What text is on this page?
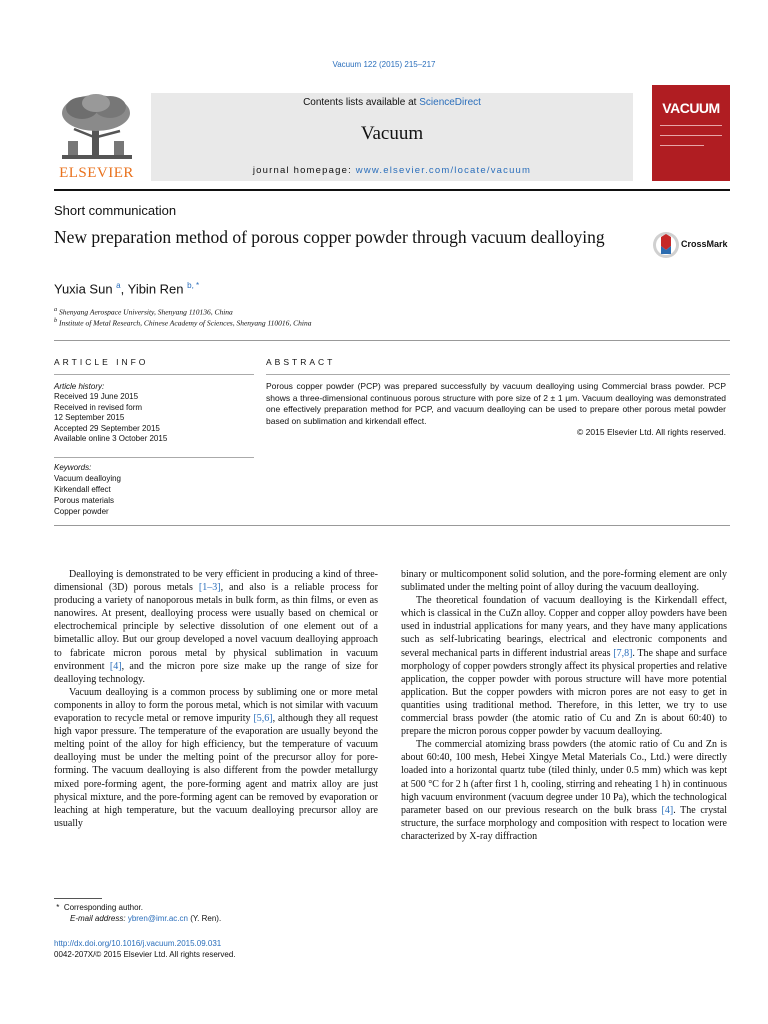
Vacuum 122 (2015) 215–217
ELSEVIER
Contents lists available at ScienceDirect
Vacuum
journal homepage: www.elsevier.com/locate/vacuum
VACUUM
Short communication
New preparation method of porous copper powder through vacuum dealloying	CrossMark
Yuxia Sun $^a$, Yibin Ren $^{b, *}$
$^a$ Shenyang Aerospace University, Shenyang 110136, China
$^b$ Institute of Metal Research, Chinese Academy of Sciences, Shenyang 110016, China
ARTICLE INFO	ABSTRACT
Article history:
Received 19 June 2015
Received in revised form
12 September 2015
Accepted 29 September 2015
Available online 3 October 2015
Keywords:
Vacuum dealloying
Kirkendall effect
Porous materials
Copper powder
Porous copper powder (PCP) was prepared successfully by vacuum dealloying using Commercial brass powder. PCP shows a three-dimensional continuous porous structure with pore size of 2 ± 1 μm. Vacuum dealloying was demonstrated one effectively preparation method for PCP, and vacuum dealloying can be used to prepare other porous metal powder based on sublimation and kirkendall effect.
© 2015 Elsevier Ltd. All rights reserved.

Dealloying is demonstrated to be very efficient in producing a kind of three-dimensional (3D) porous metals [1–3], and also is a reliable process for producing a variety of nanoporous metals in bulk form, as thin films, or even as nanowires. At present, dealloying process were usually based on chemical or electrochemical principle by selective dissolution of one element out of a bimetallic alloy. But our group developed a novel vacuum dealloying approach to fabricate micron porous metal by physical sublimation in vacuum environment [4], and the micron pore size make up the range of size for dealloying technology.

Vacuum dealloying is a common process by subliming one or more metal components in alloy to form the porous metal, which is not similar with vacuum evaporation to recycle metal or remove impurity [5,6], although they all request high vapor pressure. The temperature of the evaporation are usually beyond the melting point of the alloy for high efficiency, but the temperature of vacuum dealloying must be under the melting point of the precursor alloy for pore-forming. The vacuum dealloying is also different from the powder metallurgy mixed pore-forming agent, the pore-forming agent and matrix alloy are just physical mixture, and the pore-forming agent can be removed by evaporation or leaching at high temperature, but the vacuum dealloying precursor alloy are usually

binary or multicomponent solid solution, and the pore-forming element are only sublimated under the melting point of alloy during the vacuum dealloying.

The theoretical foundation of vacuum dealloying is the Kirkendall effect, which is classical in the CuZn alloy. Copper and copper alloy powders have been used in industrial applications for many years, and they have many applications such as self-lubricating bearings, electrical and electronic components and several mechanical parts in different industrial areas [7,8]. The shape and surface morphology of copper powders strongly affect its physical properties and relative application, the copper powder with porous structure will have more potential application. But the copper powders with micron pores are not easy to get in quantities using traditional method. Therefore, in this letter, we try to use commercial brass powder (the atomic ratio of Cu and Zn is about 60:40) to prepare the micron porous copper powder by vacuum dealloying.

The commercial atomizing brass powders (the atomic ratio of Cu and Zn is about 60:40, 100 mesh, Hebei Xingye Metal Materials Co., Ltd.) were directly loaded into a horizontal quartz tube (tiled thinly, under 0.5 mm) which was kept at 500 °C for 2 h (after first 1 h, cooling, stirring and reheating 1 h) in continuous high vacuum environment (vacuum degree under 10 Pa), which the technological parameter based on our previous research on the bulk brass [4]. The crystal structure, the surface morphology and composition with respect to location were characterized by X-ray diffraction

* Corresponding author.
E-mail address: ybren@imr.ac.cn (Y. Ren).
http://dx.doi.org/10.1016/j.vacuum.2015.09.031
0042-207X/© 2015 Elsevier Ltd. All rights reserved.
